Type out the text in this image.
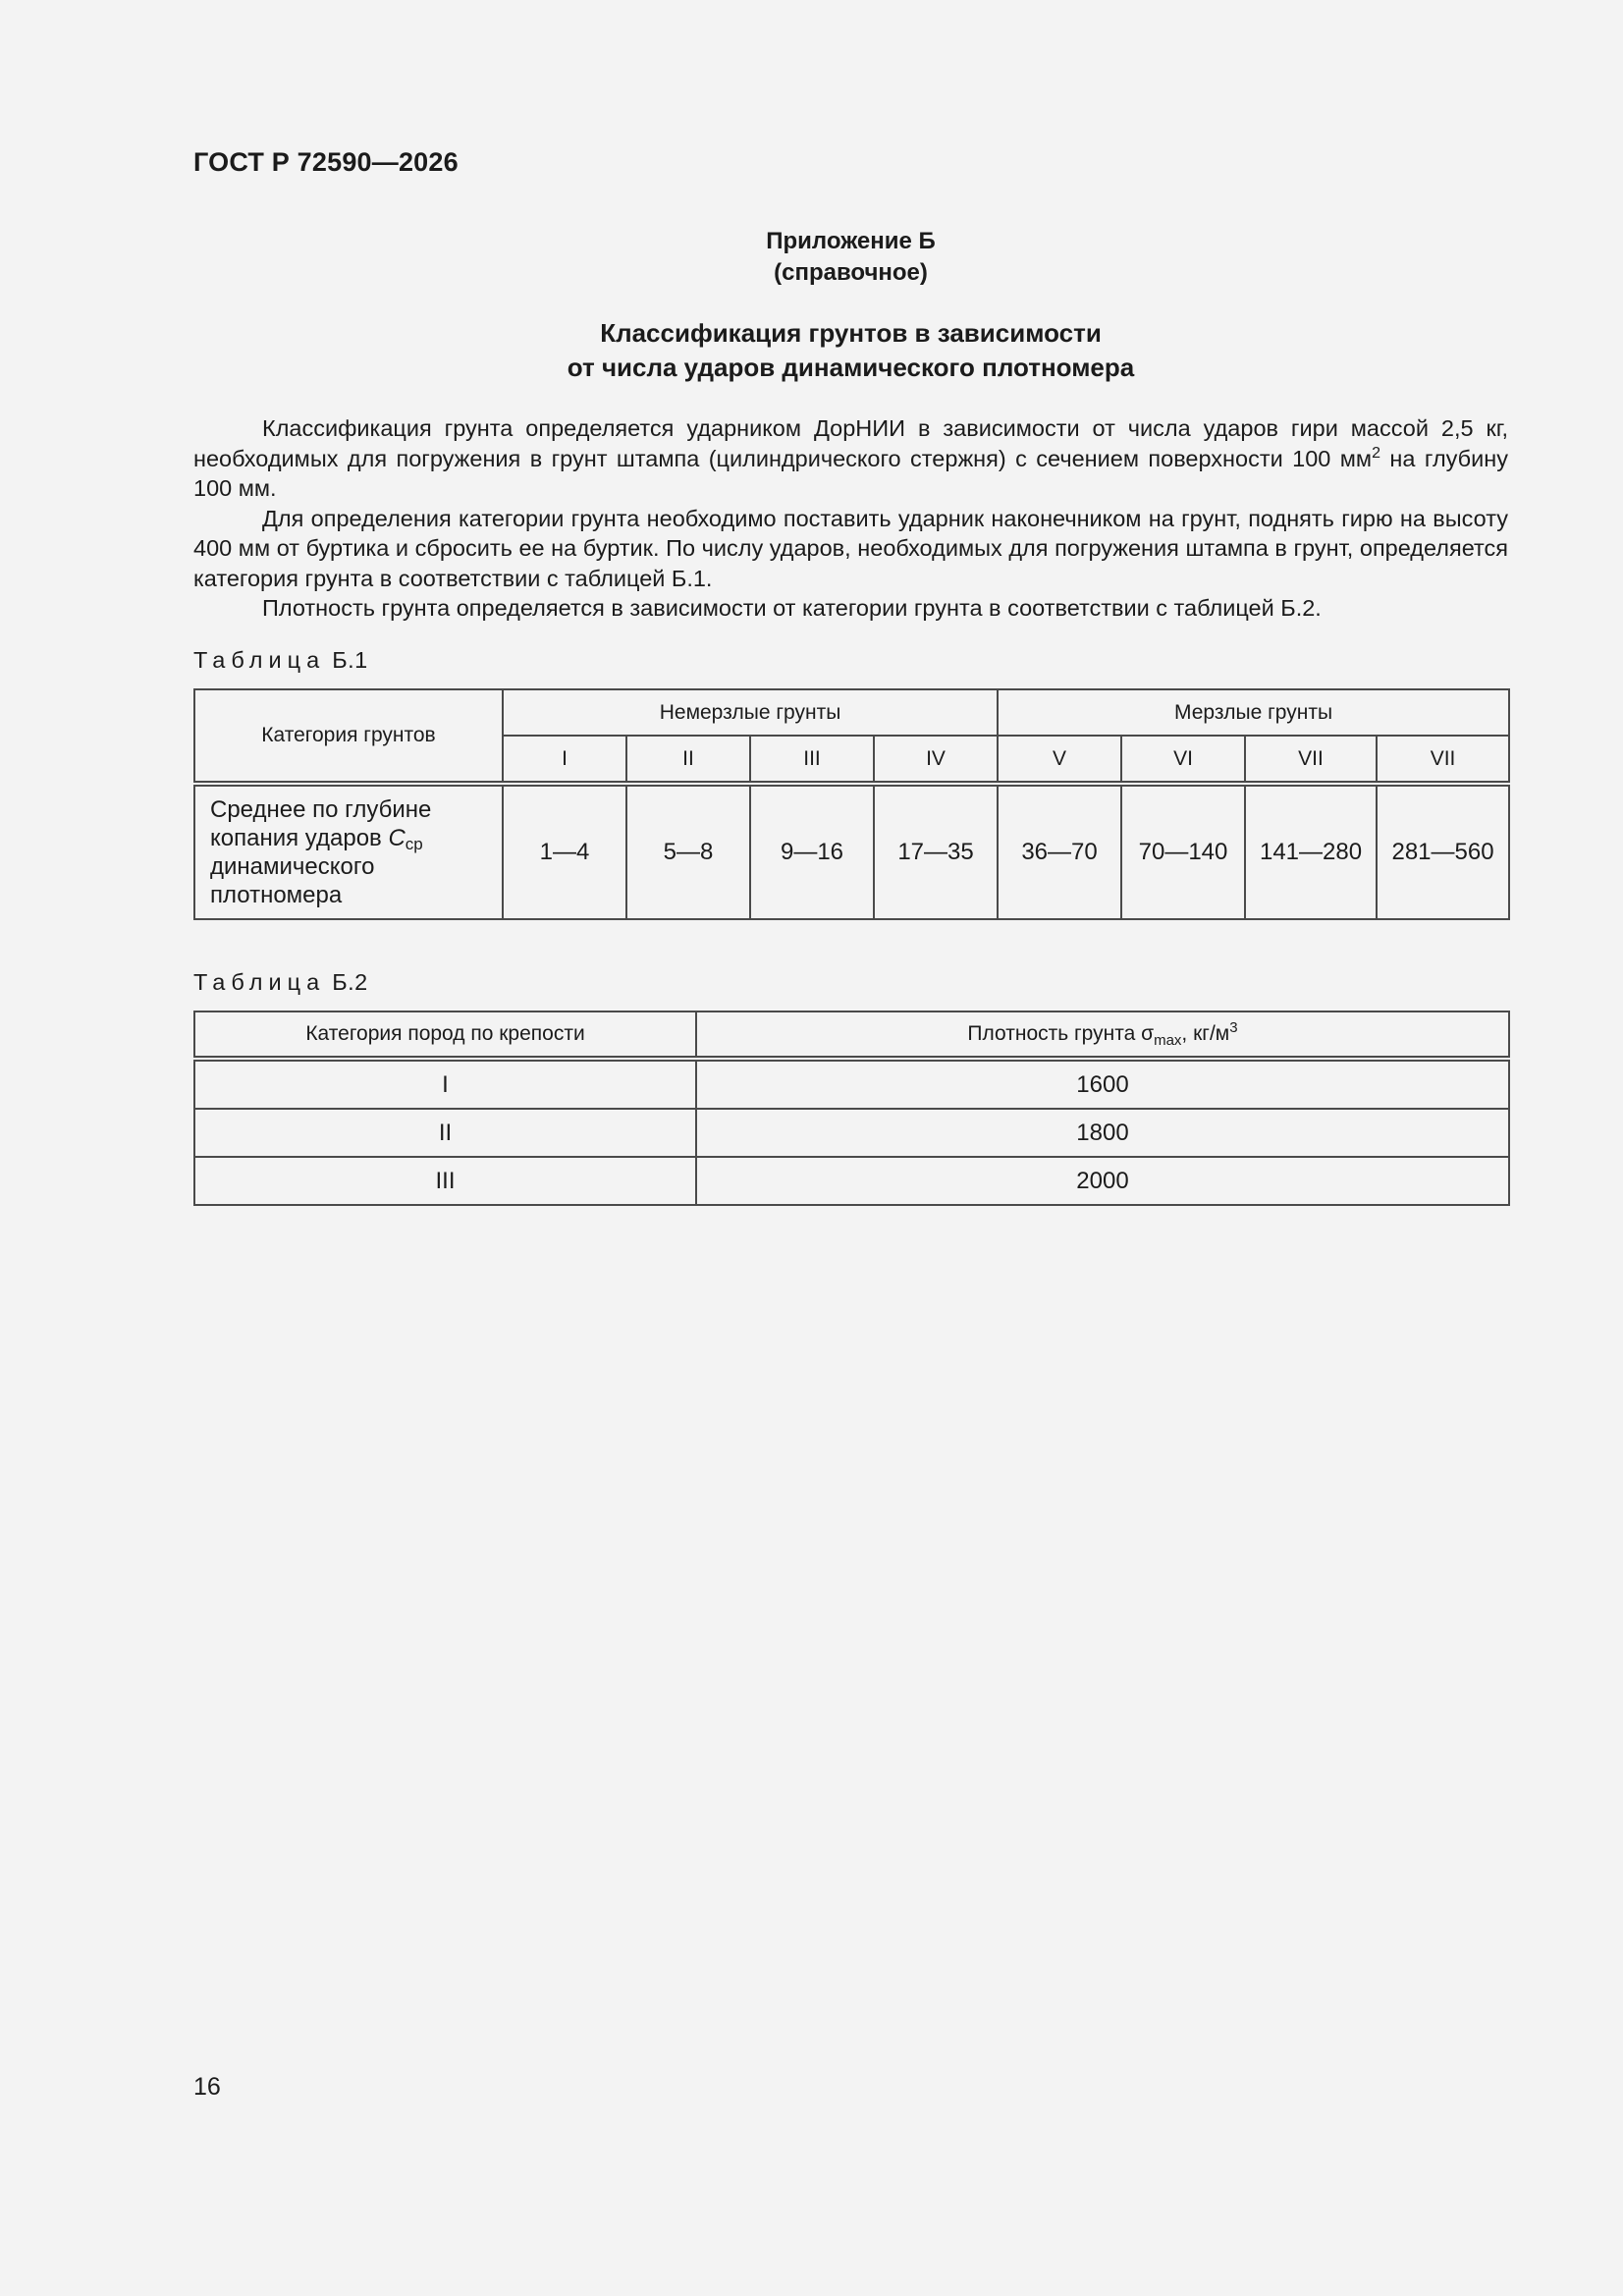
ГОСТ Р 72590—2026
Приложение Б
(справочное)
Классификация грунтов в зависимости
от числа ударов динамического плотномера

Классификация грунта определяется ударником ДорНИИ в зависимости от числа ударов гири массой 2,5 кг, необходимых для погружения в грунт штампа (цилиндрического стержня) с сечением поверхности 100 $мм^2$ на глубину 100 мм.

Для определения категории грунта необходимо поставить ударник наконечником на грунт, поднять гирю на высоту 400 мм от буртика и сбросить ее на буртик. По числу ударов, необходимых для погружения штампа в грунт, определяется категория грунта в соответствии с таблицей Б.1.

Плотность грунта определяется в зависимости от категории грунта в соответствии с таблицей Б.2.

Таблица Б.1
Категория грунтов	Немерзлые грунты				Мерзлые грунты			
	I	II	III	IV	V	VI	VII	VII

Среднее по глубине
копания ударов $C_{ср}$
динамического
плотномера	1—4	5—8	9—16	17—35	36—70	70—140	141—280	281—560
Таблица Б.2
Категория пород по крепости	Плотность грунта $\sigma_{max}$, $кг/м^3$
I	1600
II	1800
III	2000
16
